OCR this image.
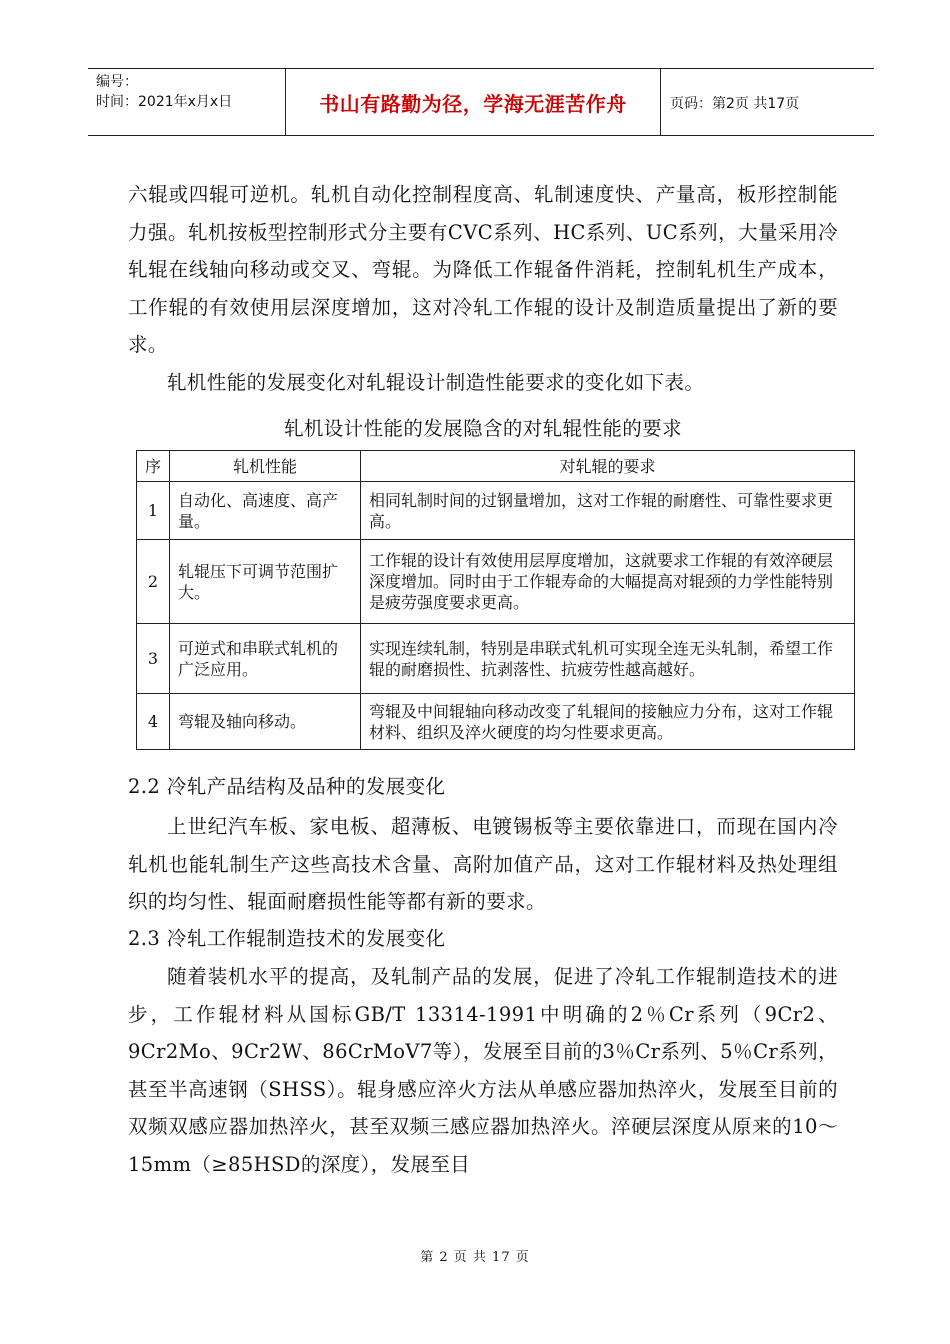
编号：
时间：2021年x月x日	书山有路勤为径，学海无涯苦作舟	页码：第2页 共17页
六辊或四辊可逆机。轧机自动化控制程度高、轧制速度快、产量高，板形控制能力强。轧机按板型控制形式分主要有CVC系列、HC系列、UC系列，大量采用冷轧辊在线轴向移动或交叉、弯辊。为降低工作辊备件消耗，控制轧机生产成本，工作辊的有效使用层深度增加，这对冷轧工作辊的设计及制造质量提出了新的要求。
轧机性能的发展变化对轧辊设计制造性能要求的变化如下表。
轧机设计性能的发展隐含的对轧辊性能的要求
序	轧机性能	对轧辊的要求
1	自动化、高速度、高产量。	相同轧制时间的过钢量增加，这对工作辊的耐磨性、可靠性要求更高。
2	轧辊压下可调节范围扩大。	工作辊的设计有效使用层厚度增加，这就要求工作辊的有效淬硬层深度增加。同时由于工作辊寿命的大幅提高对辊颈的力学性能特别是疲劳强度要求更高。
3	可逆式和串联式轧机的广泛应用。	实现连续轧制，特别是串联式轧机可实现全连无头轧制，希望工作辊的耐磨损性、抗剥落性、抗疲劳性越高越好。
4	弯辊及轴向移动。	弯辊及中间辊轴向移动改变了轧辊间的接触应力分布，这对工作辊材料、组织及淬火硬度的均匀性要求更高。
2.2 冷轧产品结构及品种的发展变化
上世纪汽车板、家电板、超薄板、电镀锡板等主要依靠进口，而现在国内冷轧机也能轧制生产这些高技术含量、高附加值产品，这对工作辊材料及热处理组织的均匀性、辊面耐磨损性能等都有新的要求。
2.3 冷轧工作辊制造技术的发展变化
随着装机水平的提高，及轧制产品的发展，促进了冷轧工作辊制造技术的进步，工作辊材料从国标GB/T 13314-1991中明确的2％Cr系列（9Cr2、9Cr2Mo、9Cr2W、86CrMoV7等），发展至目前的3％Cr系列、5％Cr系列，甚至半高速钢（SHSS）。辊身感应淬火方法从单感应器加热淬火，发展至目前的双频双感应器加热淬火，甚至双频三感应器加热淬火。淬硬层深度从原来的10～15mm（≥85HSD的深度），发展至目
第 2 页 共 17 页
